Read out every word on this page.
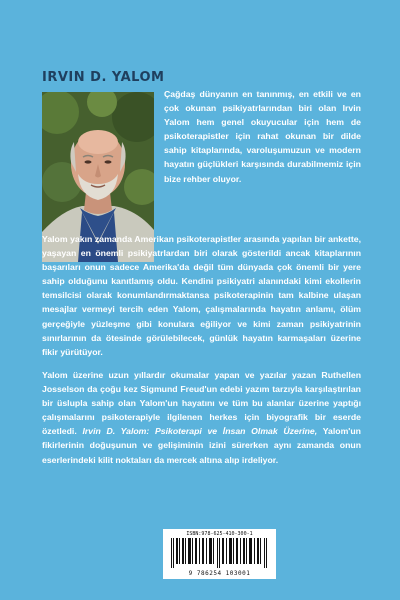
IRVIN D. YALOM

Çağdaş dünyanın en tanınmış, en etkili ve en çok okunan psikiyatrlarından biri olan Irvin Yalom hem genel okuyucular için hem de psikoterapistler için rahat okunan bir dilde sahip kitaplarında, varoluşumuzun ve modern hayatın güçlükleri karşısında durabilmemiz için bize rehber oluyor.

Yalom yakın zamanda Amerikan psikoterapistler arasında yapılan bir ankette, yaşayan en önemli psikiyatrlardan biri olarak gösterildi ancak kitaplarının başarıları onun sadece Amerika'da değil tüm dünyada çok önemli bir yere sahip olduğunu kanıtlamış oldu. Kendini psikiyatri alanındaki kimi ekollerin temsilcisi olarak konumlandırmaktansa psikoterapinin tam kalbine ulaşan mesajlar vermeyi tercih eden Yalom, çalışmalarında hayatın anlamı, ölüm gerçeğiyle yüzleşme gibi konulara eğiliyor ve kimi zaman psikiyatrinin sınırlarının da ötesinde görülebilecek, günlük hayatın karmaşaları üzerine fikir yürütüyor.

Yalom üzerine uzun yıllardır okumalar yapan ve yazılar yazan Ruthellen Josselson da çoğu kez Sigmund Freud'un edebi yazım tarzıyla karşılaştırılan bir üslupla sahip olan Yalom'un hayatını ve tüm bu alanlar üzerine yaptığı çalışmalarını psikoterapiyle ilgilenen herkes için biyografik bir eserde özetledi. Irvin D. Yalom: Psikoterapi ve İnsan Olmak Üzerine, Yalom'un fikirlerinin doğuşunun ve gelişiminin izini sürerken aynı zamanda onun eserlerindeki kilit noktaları da mercek altına alıp irdeliyor.

ISBN:978-625-410-300-1
9 786254 103001
